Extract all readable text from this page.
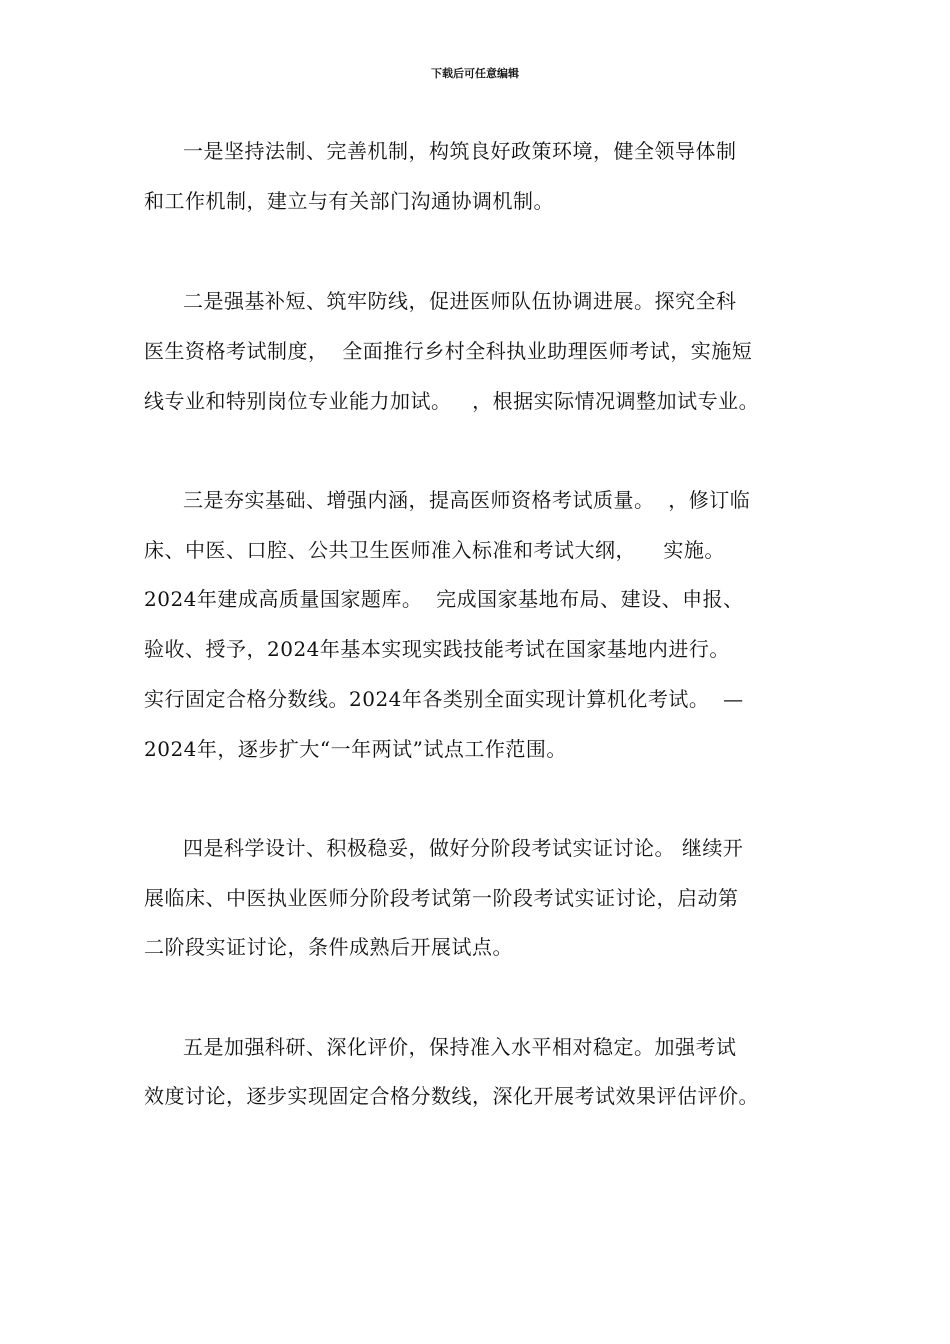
下载后可任意编辑
一是坚持法制、完善机制，构筑良好政策环境，健全领导体制
和工作机制，建立与有关部门沟通协调机制。
二是强基补短、筑牢防线，促进医师队伍协调进展。探究全科
医生资格考试制度，  全面推行乡村全科执业助理医师考试，实施短
线专业和特别岗位专业能力加试。   ，根据实际情况调整加试专业。
三是夯实基础、增强内涵，提高医师资格考试质量。  ，修订临
床、中医、口腔、公共卫生医师准入标准和考试大纲，    实施。
2024年建成高质量国家题库。  完成国家基地布局、建设、申报、
验收、授予，2024年基本实现实践技能考试在国家基地内进行。
实行固定合格分数线。2024年各类别全面实现计算机化考试。  —
2024年，逐步扩大“一年两试”试点工作范围。
四是科学设计、积极稳妥，做好分阶段考试实证讨论。 继续开
展临床、中医执业医师分阶段考试第一阶段考试实证讨论，启动第
二阶段实证讨论，条件成熟后开展试点。
五是加强科研、深化评价，保持准入水平相对稳定。加强考试
效度讨论，逐步实现固定合格分数线，深化开展考试效果评估评价。
